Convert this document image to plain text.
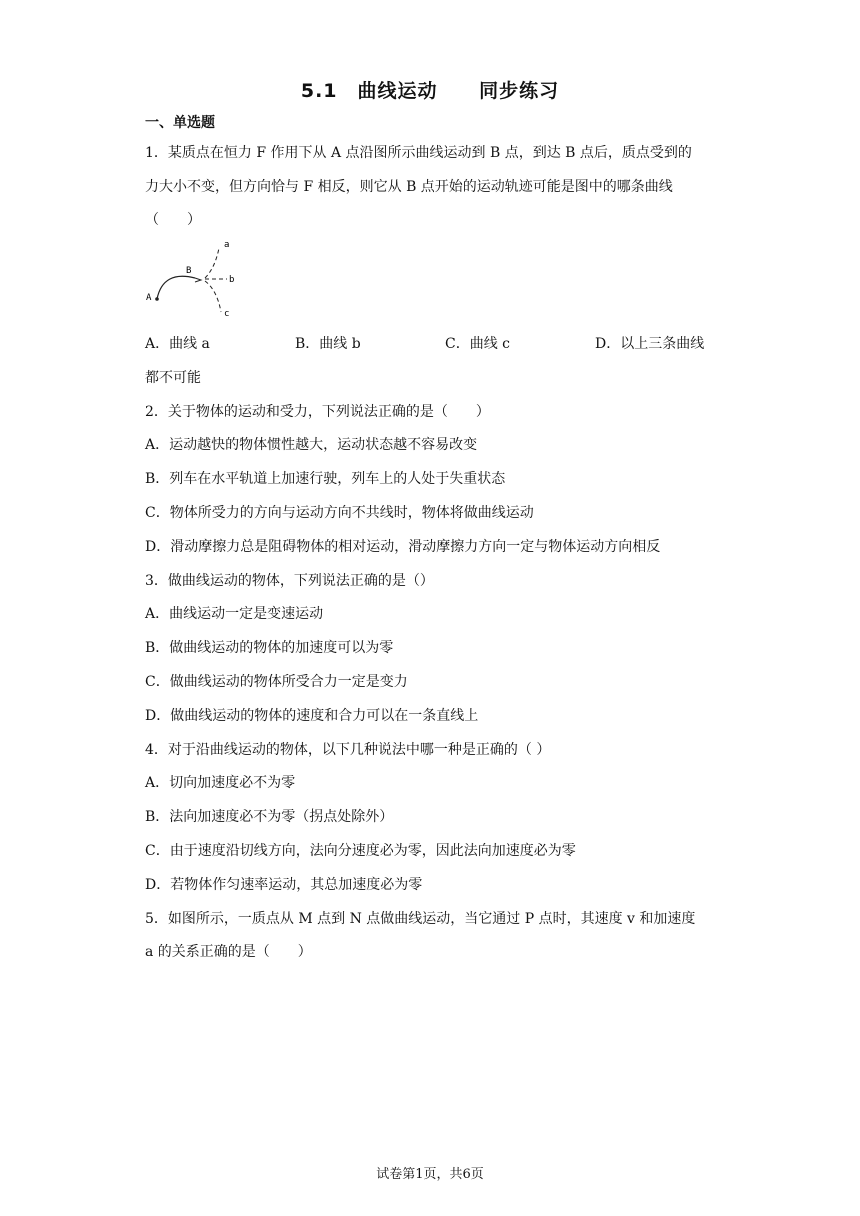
5.1　曲线运动　 同步练习
一、单选题
1．某质点在恒力 F 作用下从 A 点沿图所示曲线运动到 B 点，到达 B 点后，质点受到的
力大小不变，但方向恰与 F 相反，则它从 B 点开始的运动轨迹可能是图中的哪条曲线
（　　）
a
b
c
A
B
A．曲线 a	B．曲线 b	C．曲线 c	D．以上三条曲线
都不可能
2．关于物体的运动和受力，下列说法正确的是（　　）
A．运动越快的物体惯性越大，运动状态越不容易改变
B．列车在水平轨道上加速行驶，列车上的人处于失重状态
C．物体所受力的方向与运动方向不共线时，物体将做曲线运动
D．滑动摩擦力总是阻碍物体的相对运动，滑动摩擦力方向一定与物体运动方向相反
3．做曲线运动的物体，下列说法正确的是（）
A．曲线运动一定是变速运动
B．做曲线运动的物体的加速度可以为零
C．做曲线运动的物体所受合力一定是变力
D．做曲线运动的物体的速度和合力可以在一条直线上
4．对于沿曲线运动的物体，以下几种说法中哪一种是正确的（ ）
A．切向加速度必不为零
B．法向加速度必不为零（拐点处除外）
C．由于速度沿切线方向，法向分速度必为零，因此法向加速度必为零
D．若物体作匀速率运动，其总加速度必为零
5．如图所示，一质点从 M 点到 N 点做曲线运动，当它通过 P 点时，其速度 v 和加速度
a 的关系正确的是（　　）
试卷第1页，共6页
